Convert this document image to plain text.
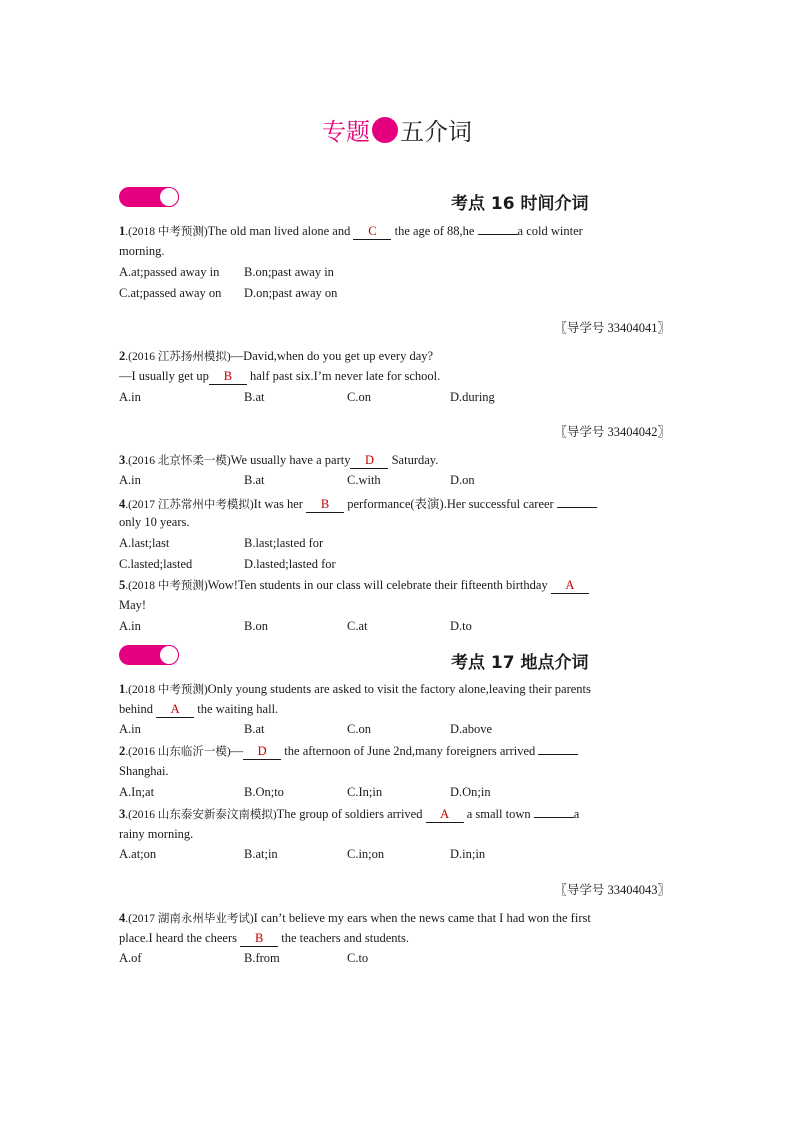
专题 五介词
考点 16 时间介词
1.(2018 中考预测)The old man lived alone and C the age of 88,he	a cold winter
morning.
A.at;passed away in B.on;past away in
C.at;passed away on D.on;past away on
〖导学号 33404041〗
2.(2016 江苏扬州模拟)—David,when do you get up every day?
—I usually get up B half past six.I’m never late for school.
A.in	B.at	C.on	D.during
〖导学号 33404042〗
3.(2016 北京怀柔一模)We usually have a party D Saturday.
A.in	B.at	C.with	D.on
4.(2017 江苏常州中考模拟)It was her B performance(表演).Her successful career
only 10 years.
A.last;last	B.last;lasted for
C.lasted;lasted	D.lasted;lasted for
5.(2018 中考预测)Wow!Ten students in our class will celebrate their fifteenth birthday A
May!
A.in	B.on	C.at	D.to
考点 17 地点介词
1.(2018 中考预测)Only young students are asked to visit the factory alone,leaving their parents
behind A the waiting hall.
A.in	B.at	C.on	D.above
2.(2016 山东临沂一模)— D the afternoon of June 2nd,many foreigners arrived
Shanghai.
A.In;at	B.On;to	C.In;in	D.On;in
3.(2016 山东泰安新泰汶南模拟)The group of soldiers arrived A a small town	a
rainy morning.
A.at;on	B.at;in	C.in;on	D.in;in
〖导学号 33404043〗
4.(2017 湖南永州毕业考试)I can’t believe my ears when the news came that I had won the first
place.I heard the cheers B the teachers and students.
A.of	B.from	C.to
